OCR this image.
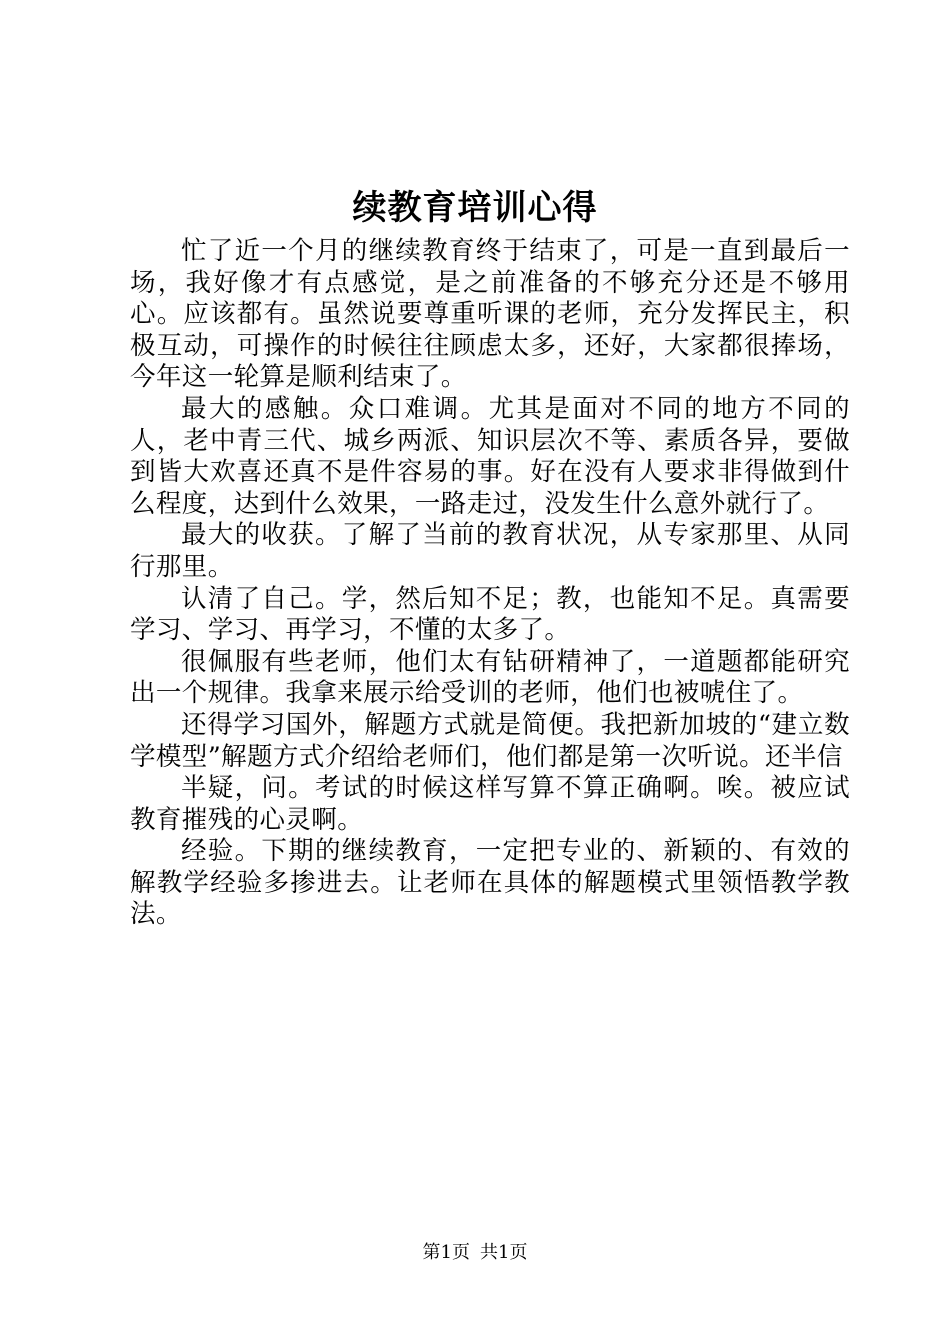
续教育培训心得

忙了近一个月的继续教育终于结束了，可是一直到最后一场，我好像才有点感觉，是之前准备的不够充分还是不够用心。应该都有。虽然说要尊重听课的老师，充分发挥民主，积极互动，可操作的时候往往顾虑太多，还好，大家都很捧场，今年这一轮算是顺利结束了。

最大的感触。众口难调。尤其是面对不同的地方不同的人，老中青三代、城乡两派、知识层次不等、素质各异，要做到皆大欢喜还真不是件容易的事。好在没有人要求非得做到什么程度，达到什么效果，一路走过，没发生什么意外就行了。

最大的收获。了解了当前的教育状况，从专家那里、从同行那里。

认清了自己。学，然后知不足；教，也能知不足。真需要学习、学习、再学习，不懂的太多了。

很佩服有些老师，他们太有钻研精神了，一道题都能研究出一个规律。我拿来展示给受训的老师，他们也被唬住了。

还得学习国外，解题方式就是简便。我把新加坡的“建立数学模型”解题方式介绍给老师们，他们都是第一次听说。还半信

半疑，问。考试的时候这样写算不算正确啊。唉。被应试教育摧残的心灵啊。

经验。下期的继续教育，一定把专业的、新颖的、有效的解教学经验多掺进去。让老师在具体的解题模式里领悟教学教法。

第1页 共1页
